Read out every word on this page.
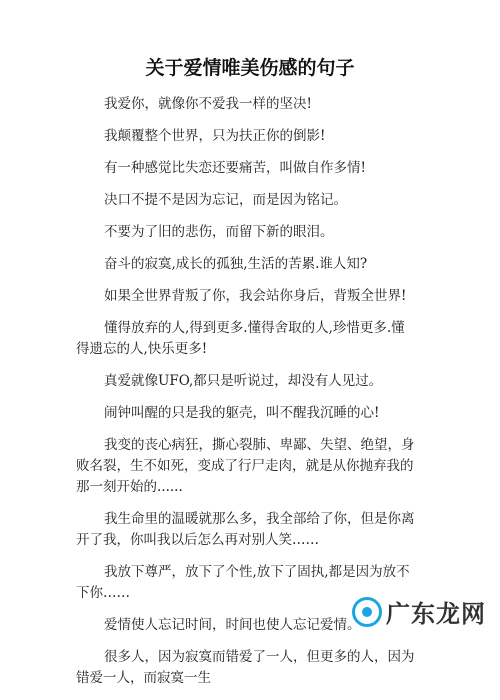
关于爱情唯美伤感的句子

我爱你，就像你不爱我一样的坚决!

我颠覆整个世界，只为扶正你的倒影!

有一种感觉比失恋还要痛苦，叫做自作多情!

决口不提不是因为忘记，而是因为铭记。

不要为了旧的悲伤，而留下新的眼泪。

奋斗的寂寞,成长的孤独,生活的苦累.谁人知?

如果全世界背叛了你，我会站你身后，背叛全世界!

懂得放弃的人,得到更多.懂得舍取的人,珍惜更多.懂得遗忘的人,快乐更多!

真爱就像UFO,都只是听说过，却没有人见过。

闹钟叫醒的只是我的躯壳，叫不醒我沉睡的心!

我变的丧心病狂，撕心裂肺、卑鄙、失望、绝望，身败名裂，生不如死，变成了行尸走肉，就是从你抛弃我的那一刻开始的......

我生命里的温暖就那么多，我全部给了你，但是你离开了我，你叫我以后怎么再对别人笑……

我放下尊严，放下了个性,放下了固执,都是因为放不下你……

爱情使人忘记时间，时间也使人忘记爱情。

很多人，因为寂寞而错爱了一人，但更多的人，因为错爱一人，而寂寞一生

广东龙网
